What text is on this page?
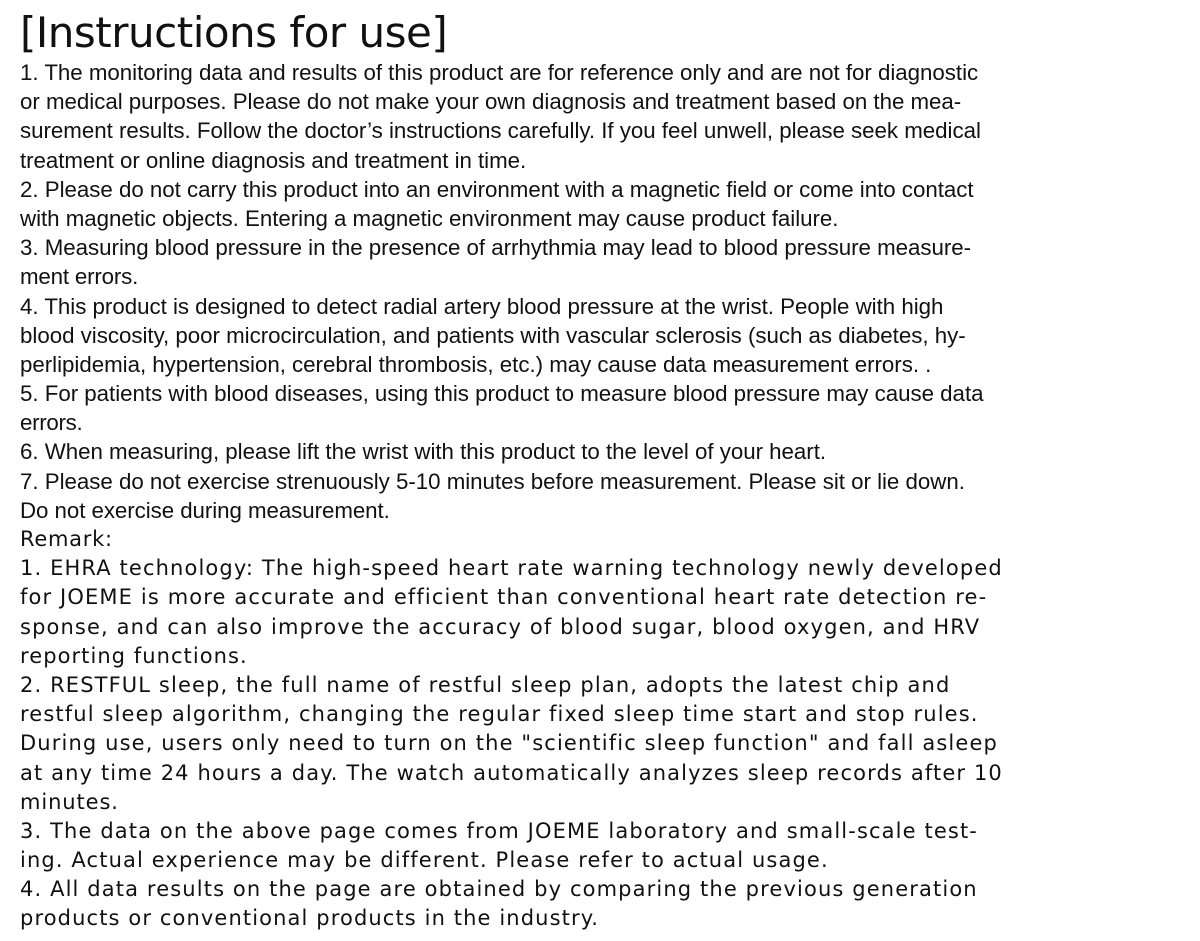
[Instructions for use]
1. The monitoring data and results of this product are for reference only and are not for diagnostic
or medical purposes. Please do not make your own diagnosis and treatment based on the mea-
surement results. Follow the doctor’s instructions carefully. If you feel unwell, please seek medical
treatment or online diagnosis and treatment in time.
2. Please do not carry this product into an environment with a magnetic field or come into contact
with magnetic objects. Entering a magnetic environment may cause product failure.
3. Measuring blood pressure in the presence of arrhythmia may lead to blood pressure measure-
ment errors.
4. This product is designed to detect radial artery blood pressure at the wrist. People with high
blood viscosity, poor microcirculation, and patients with vascular sclerosis (such as diabetes, hy-
perlipidemia, hypertension, cerebral thrombosis, etc.) may cause data measurement errors. .
5. For patients with blood diseases, using this product to measure blood pressure may cause data
errors.
6. When measuring, please lift the wrist with this product to the level of your heart.
7. Please do not exercise strenuously 5-10 minutes before measurement. Please sit or lie down.
Do not exercise during measurement.
Remark:
1. EHRA technology: The high-speed heart rate warning technology newly developed
for JOEME is more accurate and efficient than conventional heart rate detection re-
sponse, and can also improve the accuracy of blood sugar, blood oxygen, and HRV
reporting functions.
2. RESTFUL sleep, the full name of restful sleep plan, adopts the latest chip and
restful sleep algorithm, changing the regular fixed sleep time start and stop rules.
During use, users only need to turn on the "scientific sleep function" and fall asleep
at any time 24 hours a day. The watch automatically analyzes sleep records after 10
minutes.
3. The data on the above page comes from JOEME laboratory and small-scale test-
ing. Actual experience may be different. Please refer to actual usage.
4. All data results on the page are obtained by comparing the previous generation
products or conventional products in the industry.
